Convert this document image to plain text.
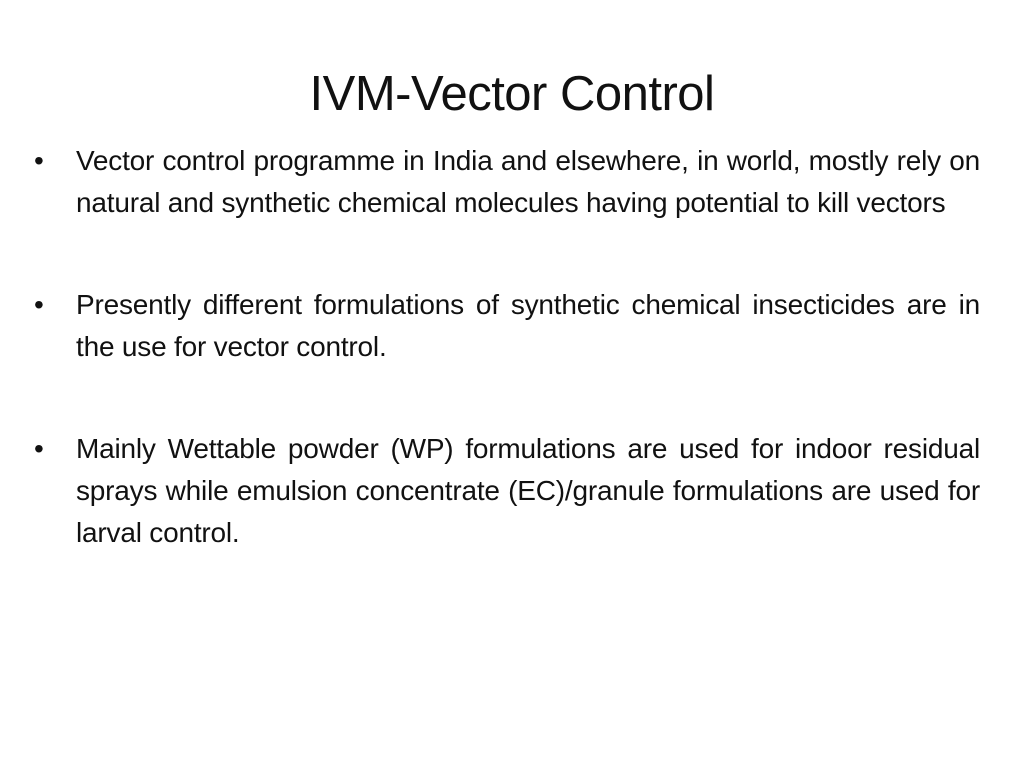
IVM-Vector Control
•	Vector control programme in India and elsewhere, in world, mostly rely on natural and synthetic chemical molecules having potential to kill vectors
•	Presently different formulations of synthetic chemical insecticides are in the use for vector control.
•	Mainly Wettable powder (WP) formulations are used for indoor residual sprays while emulsion concentrate (EC)/granule formulations are used for larval control.
